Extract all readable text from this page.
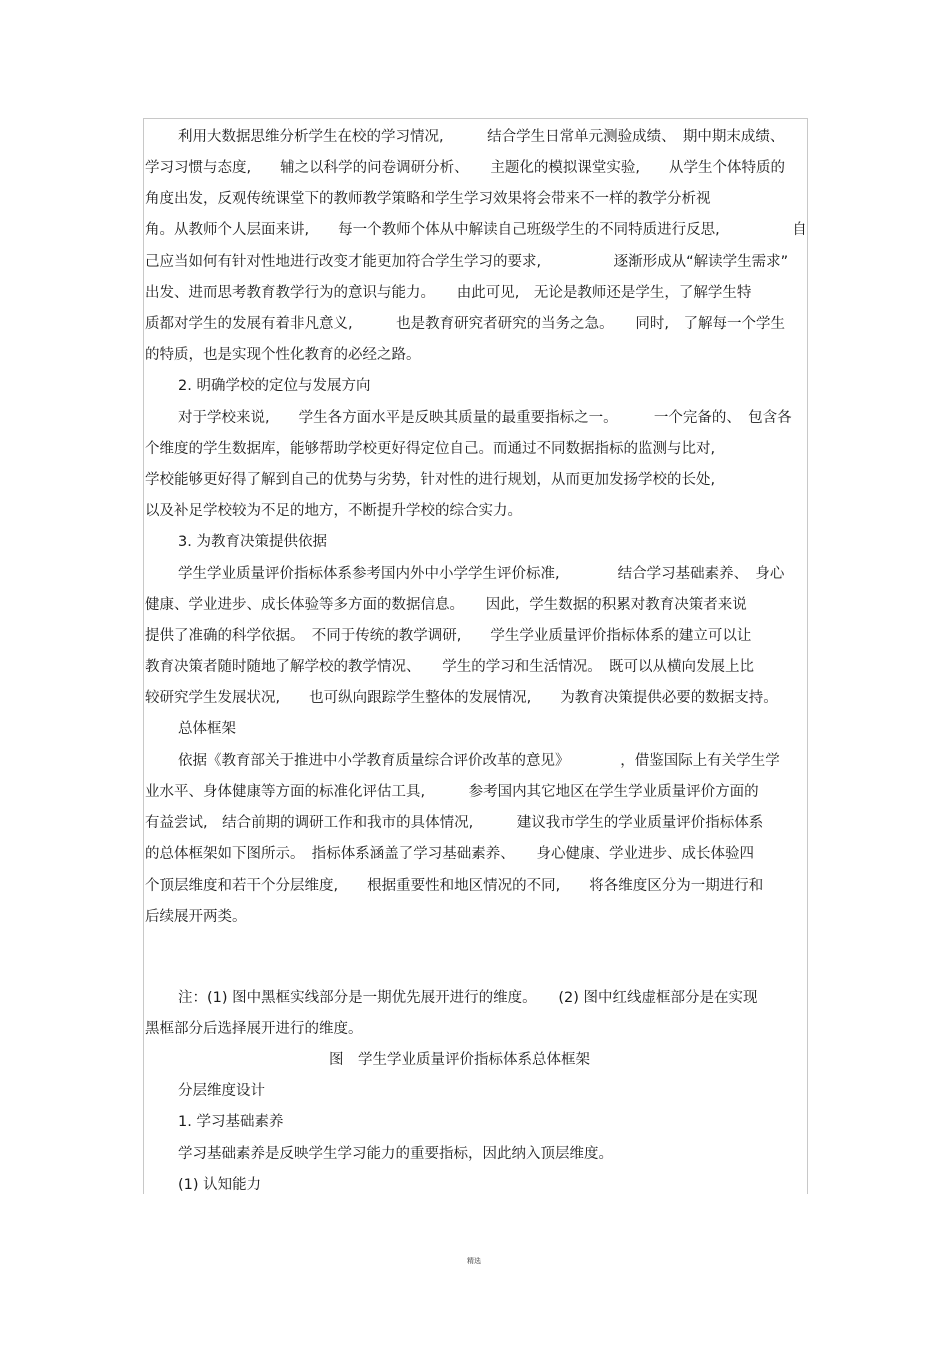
利用大数据思维分析学生在校的学习情况,　　　结合学生日常单元测验成绩、　期中期末成绩、
学习习惯与态度,　　辅之以科学的问卷调研分析、　　主题化的模拟课堂实验,　　从学生个体特质的
角度出发，反观传统课堂下的教师教学策略和学生学习效果将会带来不一样的教学分析视
角。从教师个人层面来讲,　　每一个教师个体从中解读自己班级学生的不同特质进行反思,　　　　　自
己应当如何有针对性地进行改变才能更加符合学生学习的要求,　　　　　逐渐形成从“解读学生需求”
出发、进而思考教育教学行为的意识与能力。　　由此可见,　无论是教师还是学生，了解学生特
质都对学生的发展有着非凡意义,　　　也是教育研究者研究的当务之急。　　同时,　了解每一个学生
的特质，也是实现个性化教育的必经之路。
2. 明确学校的定位与发展方向
对于学校来说,　　学生各方面水平是反映其质量的最重要指标之一。　　　一个完备的、　包含各
个维度的学生数据库，能够帮助学校更好得定位自己。而通过不同数据指标的监测与比对,
学校能够更好得了解到自己的优势与劣势，针对性的进行规划，从而更加发扬学校的长处,
以及补足学校较为不足的地方，不断提升学校的综合实力。
3. 为教育决策提供依据
学生学业质量评价指标体系参考国内外中小学学生评价标准,　　　　结合学习基础素养、　身心
健康、学业进步、成长体验等多方面的数据信息。　　因此，学生数据的积累对教育决策者来说
提供了准确的科学依据。　不同于传统的教学调研,　　学生学业质量评价指标体系的建立可以让
教育决策者随时随地了解学校的教学情况、　　学生的学习和生活情况。　既可以从横向发展上比
较研究学生发展状况,　　也可纵向跟踪学生整体的发展情况,　　为教育决策提供必要的数据支持。
总体框架
依据《教育部关于推进中小学教育质量综合评价改革的意见》　　　　，借鉴国际上有关学生学
业水平、身体健康等方面的标准化评估工具,　　　参考国内其它地区在学生学业质量评价方面的
有益尝试,　结合前期的调研工作和我市的具体情况,　　　建议我市学生的学业质量评价指标体系
的总体框架如下图所示。　指标体系涵盖了学习基础素养、　　身心健康、学业进步、成长体验四
个顶层维度和若干个分层维度,　　根据重要性和地区情况的不同,　　将各维度区分为一期进行和
后续展开两类。
注：(1) 图中黑框实线部分是一期优先展开进行的维度。　　(2) 图中红线虚框部分是在实现
黑框部分后选择展开进行的维度。
图　学生学业质量评价指标体系总体框架
分层维度设计
1. 学习基础素养
学习基础素养是反映学生学习能力的重要指标，因此纳入顶层维度。
(1) 认知能力
精选
